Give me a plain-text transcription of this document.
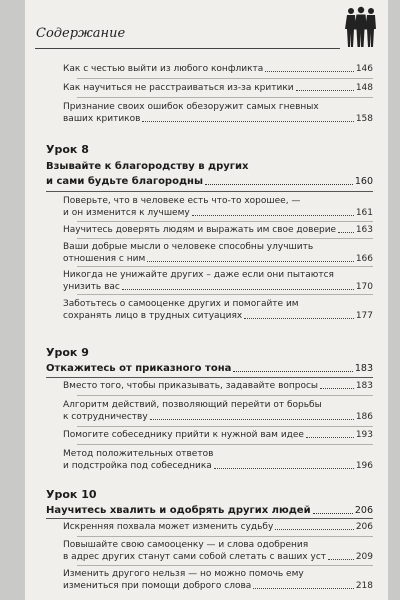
Содержание
Как с честью выйти из любого конфликта	146
Как научиться не расстраиваться из-за критики	148
Признание своих ошибок обезоружит самых гневных
ваших критиков	158
Урок 8
Взывайте к благородству в других
и сами будьте благородны	160
Поверьте, что в человеке есть что-то хорошее, —
и он изменится к лучшему	161
Научитесь доверять людям и выражать им свое доверие 163
Ваши добрые мысли о человеке способны улучшить
отношения с ним	166
Никогда не унижайте других – даже если они пытаются
унизить вас	170
Заботьтесь о самооценке других и помогайте им
сохранять лицо в трудных ситуациях	177
Урок 9
Откажитесь от приказного тона	183
Вместо того, чтобы приказывать, задавайте вопросы	183
Алгоритм действий, позволяющий перейти от борьбы
к сотрудничеству	186
Помогите собеседнику прийти к нужной вам идее	193
Метод положительных ответов
и подстройка под собеседника	196
Урок 10
Научитесь хвалить и одобрять других людей	206
Искренняя похвала может изменить судьбу	206
Повышайте свою самооценку — и слова одобрения
в адрес других станут сами собой слетать с ваших уст	209
Изменить другого нельзя — но можно помочь ему
измениться при помощи доброго слова	218
